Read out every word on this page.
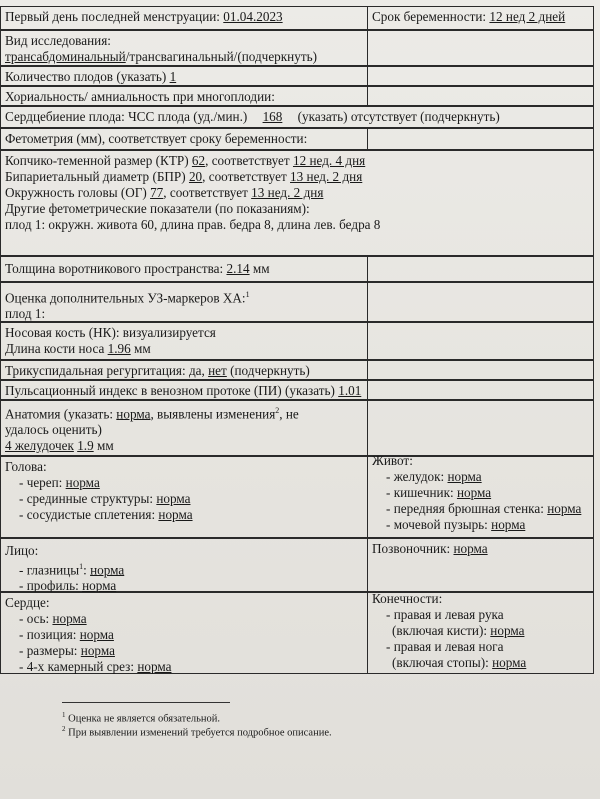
Первый день последней менструации: 01.04.2023	Срок беременности: 12 нед 2 дней
Вид исследования:
трансабдоминальный/трансвагинальный/(подчеркнуть)
Количество плодов (указать) 1
Хориальность/ амниальность при многоплодии:
Сердцебиение плода: ЧСС плода (уд./мин.) 168 (указать) отсутствует (подчеркнуть)
Фетометрия (мм), соответствует сроку беременности:
Копчико-теменной размер (КТР) 62, соответствует 12 нед. 4 дня
Бипариетальный диаметр (БПР) 20, соответствует 13 нед. 2 дня
Окружность головы (ОГ) 77, соответствует 13 нед. 2 дня
Другие фетометрические показатели (по показаниям):
плод 1: окружн. живота 60, длина прав. бедра 8, длина лев. бедра 8
Толщина воротникового пространства: 2.14 мм
Оценка дополнительных УЗ-маркеров ХА:$^1$
плод 1:
Носовая кость (НК): визуализируется
Длина кости носа 1.96 мм
Трикуспидальная регургитация: да, нет (подчеркнуть)
Пульсационный индекс в венозном протоке (ПИ) (указать) 1.01
Анатомия (указать: норма, выявлены изменения$^2$, не
удалось оценить)
4 желудочек 1.9 мм
Голова:
- череп: норма
- срединные структуры: норма
- сосудистые сплетения: норма
Живот:
- желудок: норма
- кишечник: норма
- передняя брюшная стенка: норма
- мочевой пузырь: норма
Лицо:
- глазницы$^1$: норма
- профиль: норма
Позвоночник: норма
Сердце:
- ось: норма
- позиция: норма
- размеры: норма
- 4-х камерный срез: норма
Конечности:
- правая и левая рука
(включая кисти): норма
- правая и левая нога
(включая стопы): норма
$^1$ Оценка не является обязательной.
$^2$ При выявлении изменений требуется подробное описание.
